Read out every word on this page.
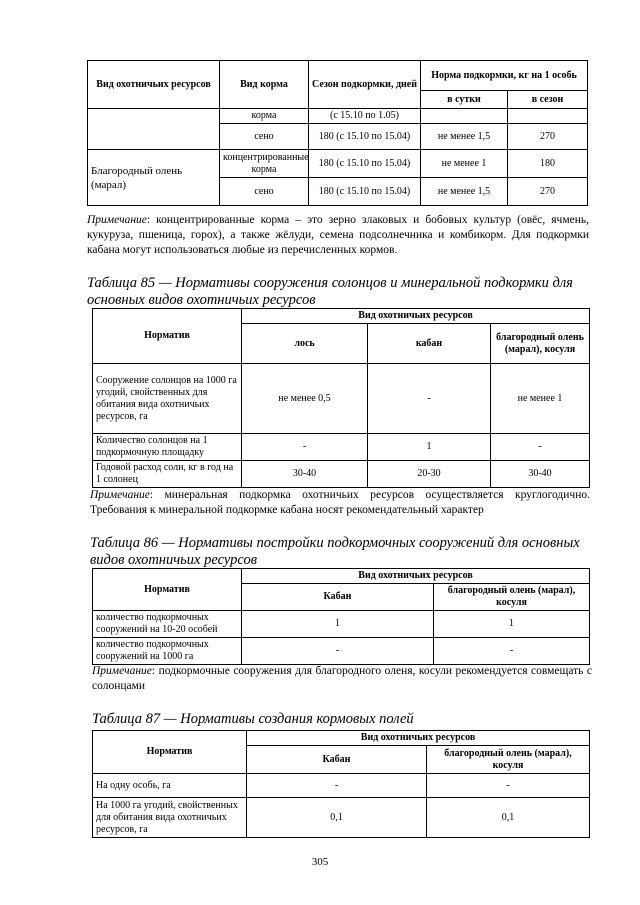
Вид охотничьих ресурсов	Вид корма	Сезон подкормки, дней	Норма подкормки, кг на 1 особь	
			в сутки	в сезон
	корма	(с 15.10 по 1.05)		
	сено	180 (с 15.10 по 15.04)	не менее 1,5	270
Благородный олень (марал)	концентрированные корма	180 (с 15.10 по 15.04)	не менее 1	180
	сено	180 (с 15.10 по 15.04)	не менее 1,5	270
Примечание: концентрированные корма – это зерно злаковых и бобовых культур (овёс, ячмень, кукуруза, пшеница, горох), а также жёлуди, семена подсолнечника и комбикорм. Для подкормки кабана могут использоваться любые из перечисленных кормов.
Таблица 85 — Нормативы сооружения солонцов и минеральной подкормки для основных видов охотничьих ресурсов
Норматив	Вид охотничьих ресурсов		
	лось	кабан	благородный олень (марал), косуля
Сооружение солонцов на 1000 га угодий, свойственных для обитания вида охотничьих ресурсов, га	не менее 0,5	-	не менее 1
Количество солонцов на 1 подкормочную площадку	-	1	-
Годовой расход соли, кг в год на 1 солонец	30-40	20-30	30-40
Примечание: минеральная подкормка охотничьих ресурсов осуществляется круглогодично. Требования к минеральной подкормке кабана носят рекомендательный характер
Таблица 86 — Нормативы постройки подкормочных сооружений для основных видов охотничьих ресурсов
Норматив	Вид охотничьих ресурсов	
	Кабан	благородный олень (марал), косуля
количество подкормочных сооружений на 10-20 особей	1	1
количество подкормочных сооружений на 1000 га	-	-
Примечание: подкормочные сооружения для благородного оленя, косули рекомендуется совмещать с солонцами
Таблица 87 — Нормативы создания кормовых полей
Норматив	Вид охотничьих ресурсов	
	Кабан	благородный олень (марал), косуля
На одну особь, га	-	-
На 1000 га угодий, свойственных для обитания вида охотничьих ресурсов, га	0,1	0,1
305
